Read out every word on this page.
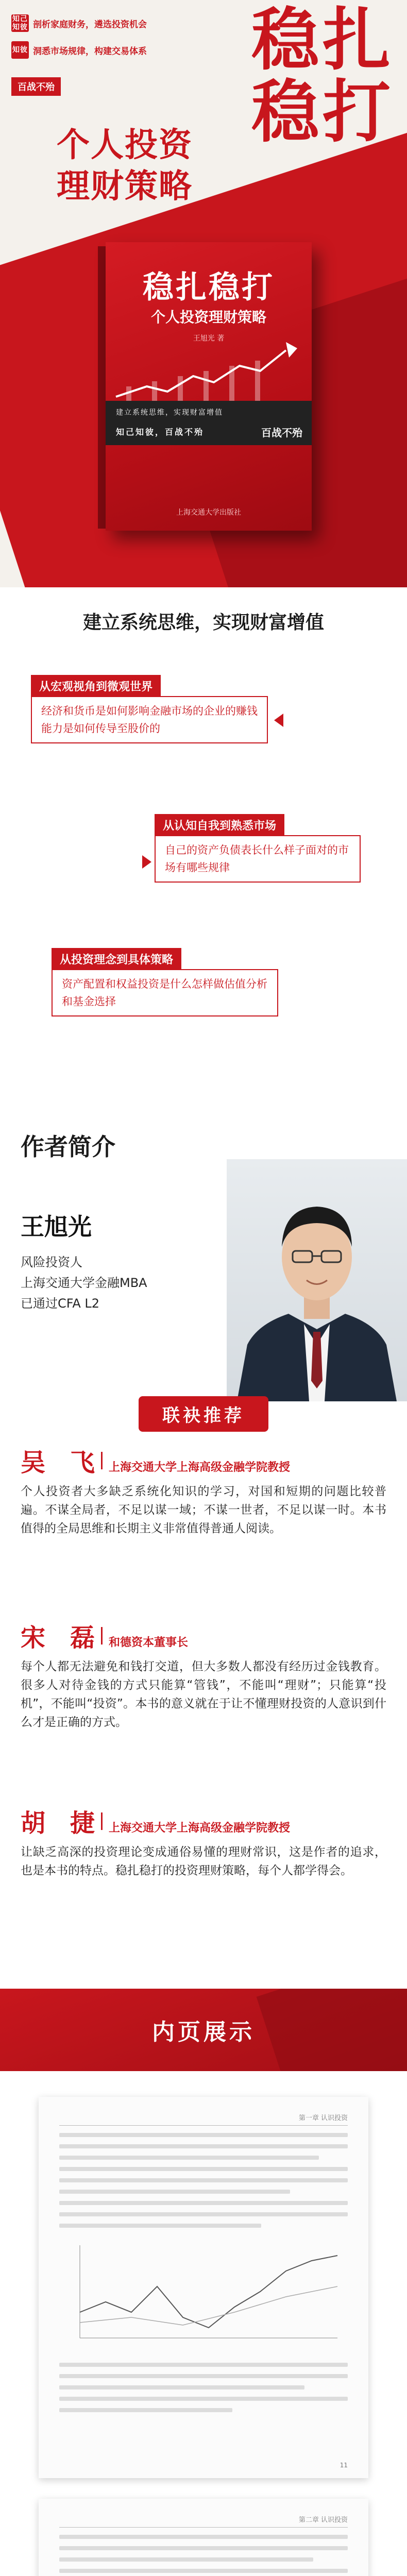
知己知彼 剖析家庭财务，遴选投资机会
知彼 洞悉市场规律，构建交易体系
百战不殆
稳扎
稳打
个人投资
理财策略
稳扎稳打
个人投资理财策略
王旭光 著
建立系统思维，实现财富增值
知己知彼，百战不殆	百战不殆
上海交通大学出版社
建立系统思维，实现财富增值
从宏观视角到微观世界
经济和货币是如何影响金融市场的企业的赚钱能力是如何传导至股价的
从认知自我到熟悉市场
自己的资产负债表长什么样子面对的市场有哪些规律
从投资理念到具体策略
资产配置和权益投资是什么怎样做估值分析和基金选择
作者简介
王旭光
风险投资人
上海交通大学金融MBA
已通过CFA L2
联袂推荐
吴　飞 上海交通大学上海高级金融学院教授
个人投资者大多缺乏系统化知识的学习，对国和短期的问题比较普遍。不谋全局者，不足以谋一域；不谋一世者，不足以谋一时。本书值得的全局思维和长期主义非常值得普通人阅读。
宋　磊 和德资本董事长
每个人都无法避免和钱打交道，但大多数人都没有经历过金钱教育。很多人对待金钱的方式只能算“管钱”，不能叫“理财”；只能算“投机”，不能叫“投资”。本书的意义就在于让不懂理财投资的人意识到什么才是正确的方式。
胡　捷 上海交通大学上海高级金融学院教授
让缺乏高深的投资理论变成通俗易懂的理财常识，这是作者的追求，也是本书的特点。稳扎稳打的投资理财策略，每个人都学得会。
内页展示
第一章 认识投资
11
第二章 认识投资
